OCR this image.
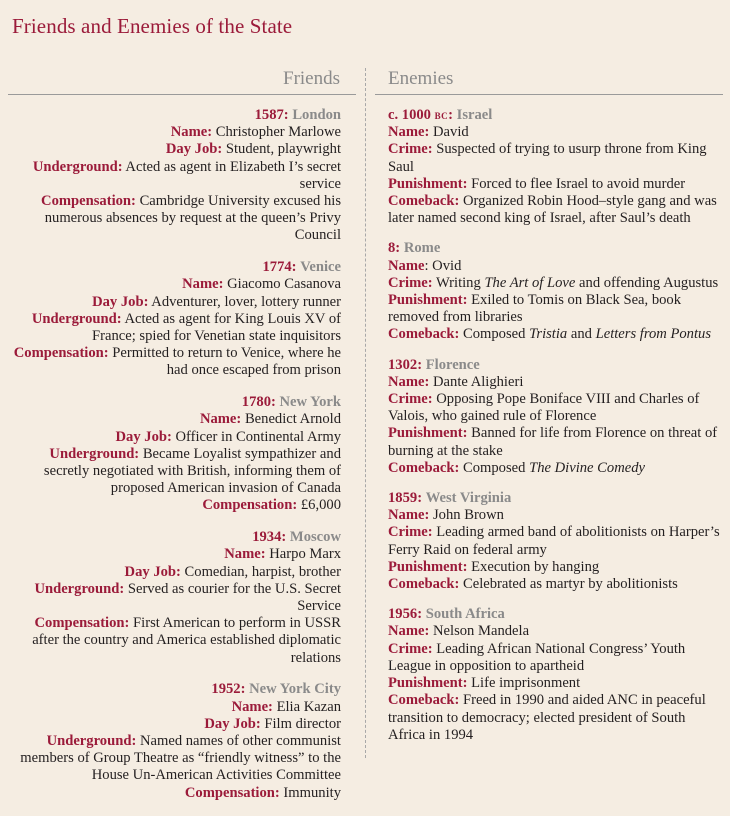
Friends and Enemies of the State
Friends	Enemies
1587: London
Name: Christopher Marlowe
Day Job: Student, playwright
Underground: Acted as agent in Elizabeth I’s secret service
Compensation: Cambridge University excused his numerous absences by request at the queen’s Privy Council
1774: Venice
Name: Giacomo Casanova
Day Job: Adventurer, lover, lottery runner
Underground: Acted as agent for King Louis XV of France; spied for Venetian state inquisitors
Compensation: Permitted to return to Venice, where he had once escaped from prison
1780: New York
Name: Benedict Arnold
Day Job: Officer in Continental Army
Underground: Became Loyalist sympathizer and secretly negotiated with British, informing them of proposed American invasion of Canada
Compensation: £6,000
1934: Moscow
Name: Harpo Marx
Day Job: Comedian, harpist, brother
Underground: Served as courier for the U.S. Secret Service
Compensation: First American to perform in USSR after the country and America established diplomatic relations
1952: New York City
Name: Elia Kazan
Day Job: Film director
Underground: Named names of other communist members of Group Theatre as “friendly witness” to the House Un-American Activities Committee
Compensation: Immunity
c. 1000 bc: Israel
Name: David
Crime: Suspected of trying to usurp throne from King Saul
Punishment: Forced to flee Israel to avoid murder
Comeback: Organized Robin Hood–style gang and was later named second king of Israel, after Saul’s death
8: Rome
Name: Ovid
Crime: Writing The Art of Love and offending Augustus
Punishment: Exiled to Tomis on Black Sea, book removed from libraries
Comeback: Composed Tristia and Letters from Pontus
1302: Florence
Name: Dante Alighieri
Crime: Opposing Pope Boniface VIII and Charles of Valois, who gained rule of Florence
Punishment: Banned for life from Florence on threat of burning at the stake
Comeback: Composed The Divine Comedy
1859: West Virginia
Name: John Brown
Crime: Leading armed band of abolitionists on Harper’s Ferry Raid on federal army
Punishment: Execution by hanging
Comeback: Celebrated as martyr by abolitionists
1956: South Africa
Name: Nelson Mandela
Crime: Leading African National Congress’ Youth League in opposition to apartheid
Punishment: Life imprisonment
Comeback: Freed in 1990 and aided ANC in peaceful transition to democracy; elected president of South Africa in 1994
